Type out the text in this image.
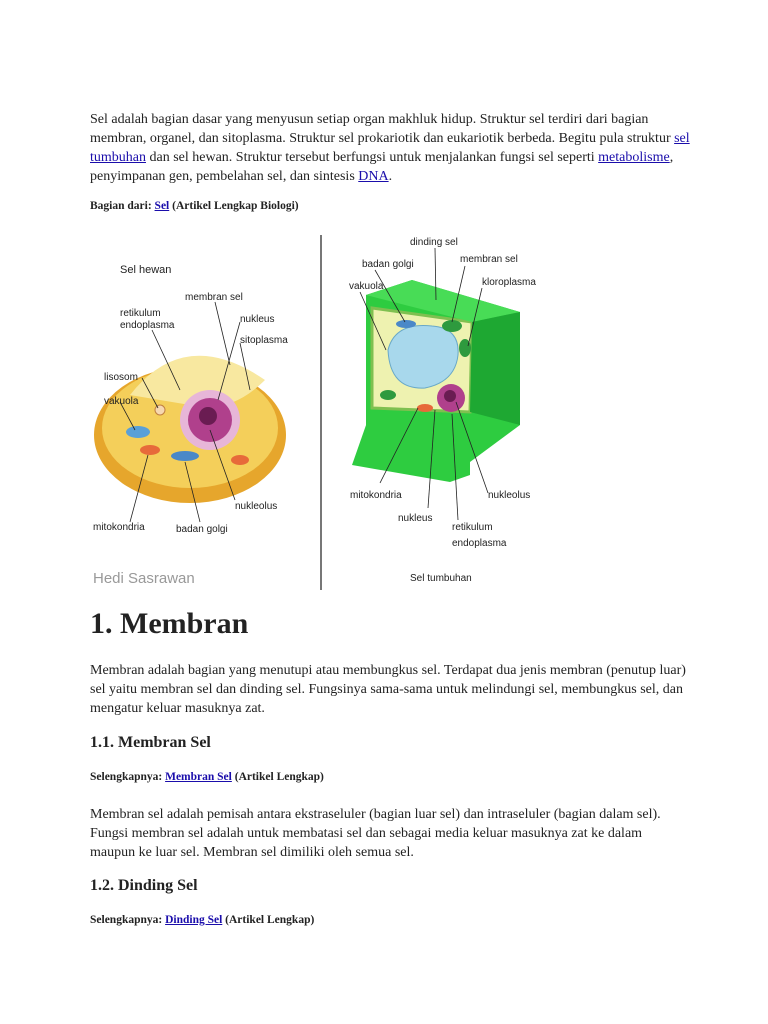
Sel adalah bagian dasar yang menyusun setiap organ makhluk hidup. Struktur sel terdiri dari bagian membran, organel, dan sitoplasma. Struktur sel prokariotik dan eukariotik berbeda. Begitu pula struktur sel tumbuhan dan sel hewan. Struktur tersebut berfungsi untuk menjalankan fungsi sel seperti metabolisme, penyimpanan gen, pembelahan sel, dan sintesis DNA.

Bagian dari: Sel (Artikel Lengkap Biologi)

Sel hewan
membran sel
retikulum
endoplasma
nukleus
sitoplasma
lisosom
vakuola
nukleolus
mitokondria	badan golgi
Hedi Sasrawan
dinding sel
badan golgi	membran sel
vakuola	kloroplasma
mitokondria
nukleus
nukleolus
retikulum
endoplasma
Sel tumbuhan
1. Membran

Membran adalah bagian yang menutupi atau membungkus sel. Terdapat dua jenis membran (penutup luar) sel yaitu membran sel dan dinding sel. Fungsinya sama-sama untuk melindungi sel, membungkus sel, dan mengatur keluar masuknya zat.

1.1. Membran Sel

Selengkapnya: Membran Sel (Artikel Lengkap)

Membran sel adalah pemisah antara ekstraseluler (bagian luar sel) dan intraseluler (bagian dalam sel). Fungsi membran sel adalah untuk membatasi sel dan sebagai media keluar masuknya zat ke dalam maupun ke luar sel. Membran sel dimiliki oleh semua sel.

1.2. Dinding Sel

Selengkapnya: Dinding Sel (Artikel Lengkap)
